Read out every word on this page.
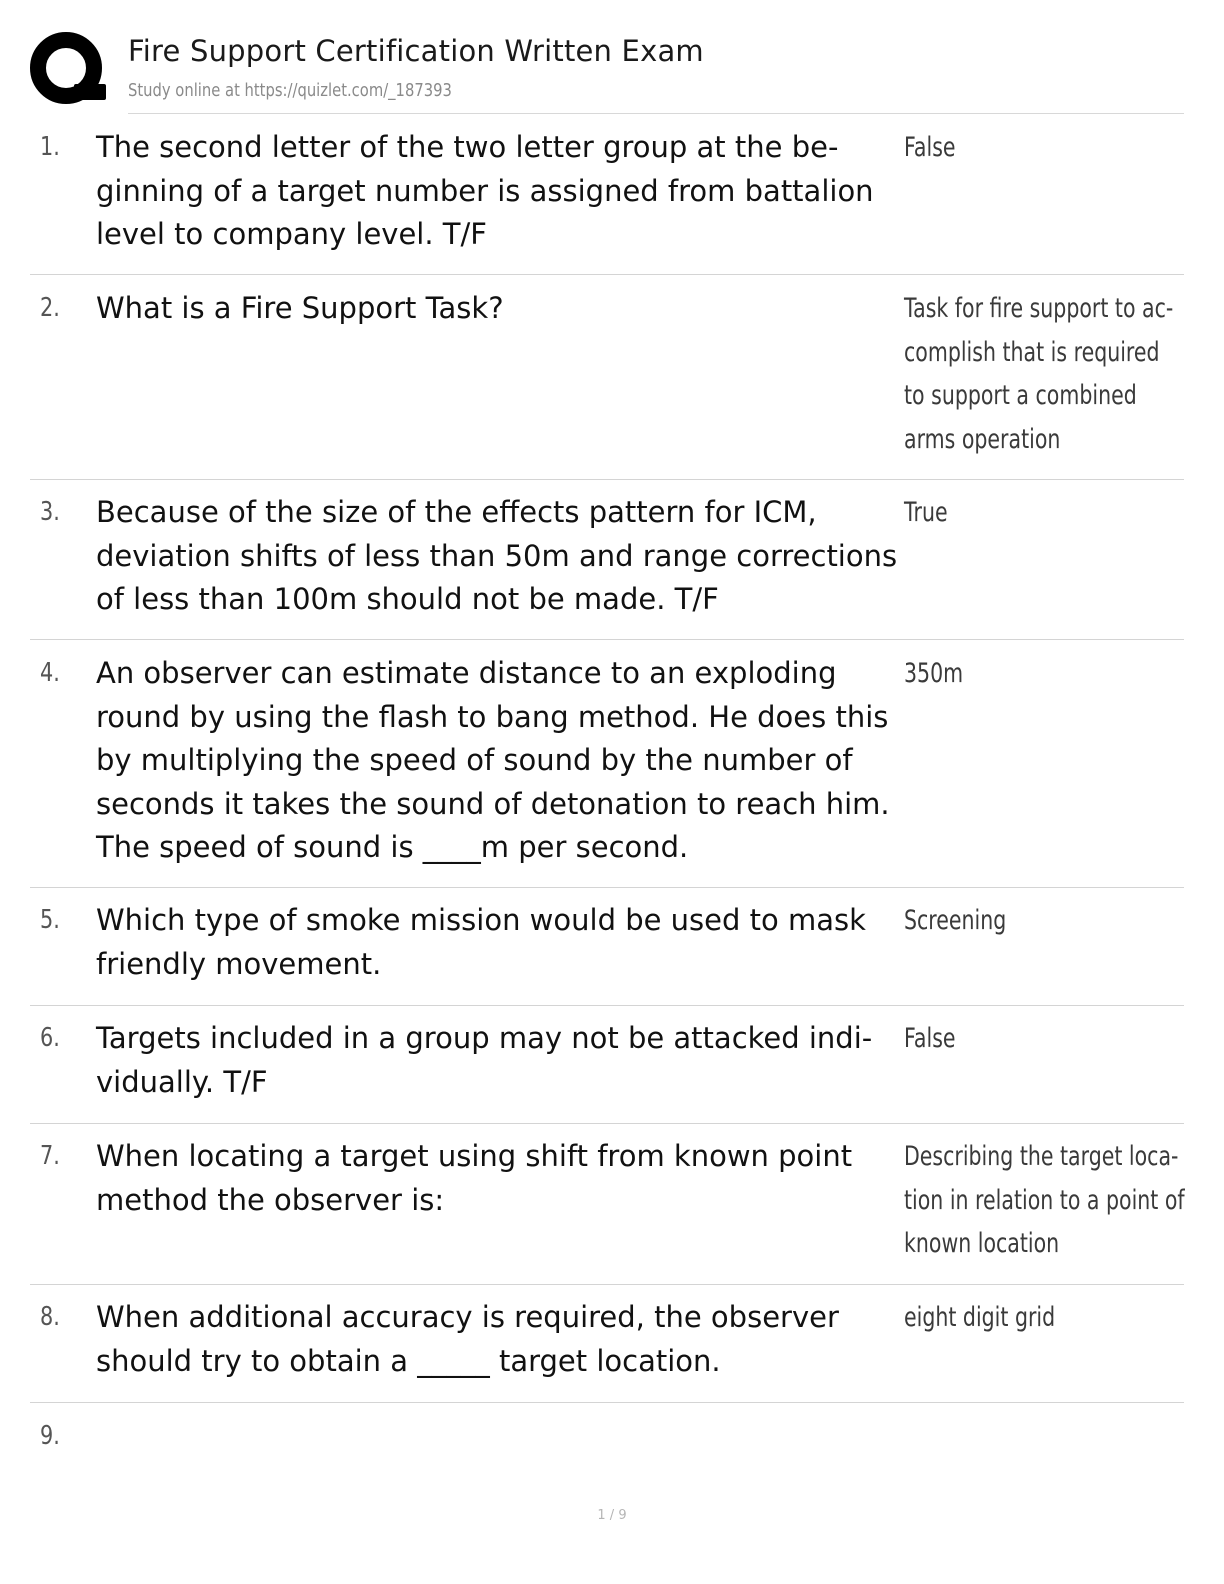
Fire Support Certification Written Exam
Study online at https://quizlet.com/_187393
1. The second letter of the two letter group at the be-
ginning of a target number is assigned from battalion
level to company level. T/F
False
2. What is a Fire Support Task?	Task for fire support to ac-
complish that is required
to support a combined
arms operation
3. Because of the size of the effects pattern for ICM,
deviation shifts of less than 50m and range corrections
of less than 100m should not be made. T/F
True
4. An observer can estimate distance to an exploding
round by using the flash to bang method. He does this
by multiplying the speed of sound by the number of
seconds it takes the sound of detonation to reach him.
The speed of sound is ____m per second.
350m
5. Which type of smoke mission would be used to mask
friendly movement.
Screening
6. Targets included in a group may not be attacked indi-
vidually. T/F
False
7. When locating a target using shift from known point
method the observer is:
Describing the target loca-
tion in relation to a point of
known location
8. When additional accuracy is required, the observer
should try to obtain a _____ target location.
eight digit grid
9.
1 / 9
